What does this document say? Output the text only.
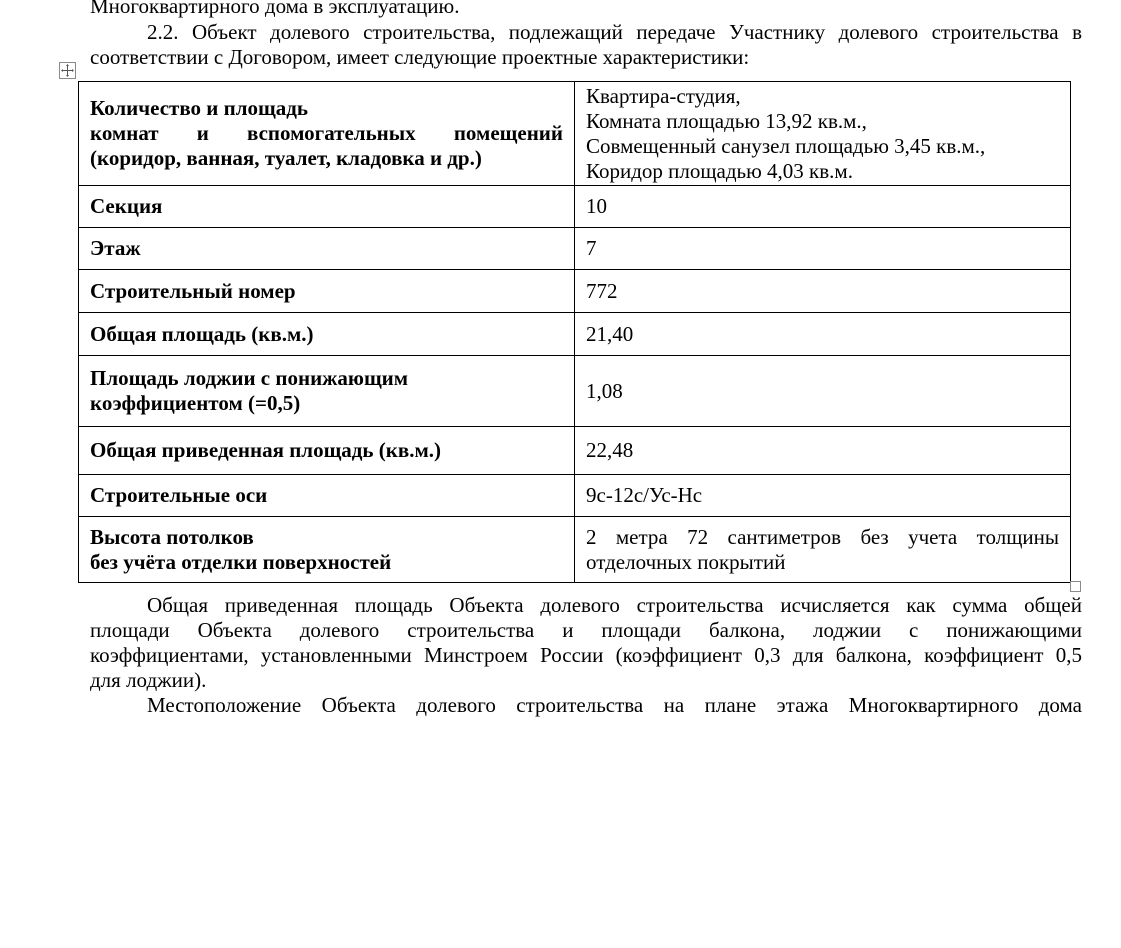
Многоквартирного дома в эксплуатацию.
2.2. Объект долевого строительства, подлежащий передаче Участнику долевого строительства в
соответствии с Договором, имеет следующие проектные характеристики:
Количество и площадь
комнат и вспомогательных помещений
(коридор, ванная, туалет, кладовка и др.)	Квартира-студия,
Комната площадью 13,92 кв.м.,
Совмещенный санузел площадью 3,45 кв.м.,
Коридор площадью 4,03 кв.м.

Секция	10
Этаж	7
Строительный номер	772
Общая площадь (кв.м.)	21,40

Площадь лоджии с понижающим
коэффициентом (=0,5)	1,08
Общая приведенная площадь (кв.м.)	22,48
Строительные оси	9с-12с/Ус-Нс

Высота потолков
без учёта отделки поверхностей	2 метра 72 сантиметров без учета толщины
отделочных покрытий
Общая приведенная площадь Объекта долевого строительства исчисляется как сумма общей
площади Объекта долевого строительства и площади балкона, лоджии с понижающими
коэффициентами, установленными Минстроем России (коэффициент 0,3 для балкона, коэффициент 0,5
для лоджии).
Местоположение Объекта долевого строительства на плане этажа Многоквартирного дома
